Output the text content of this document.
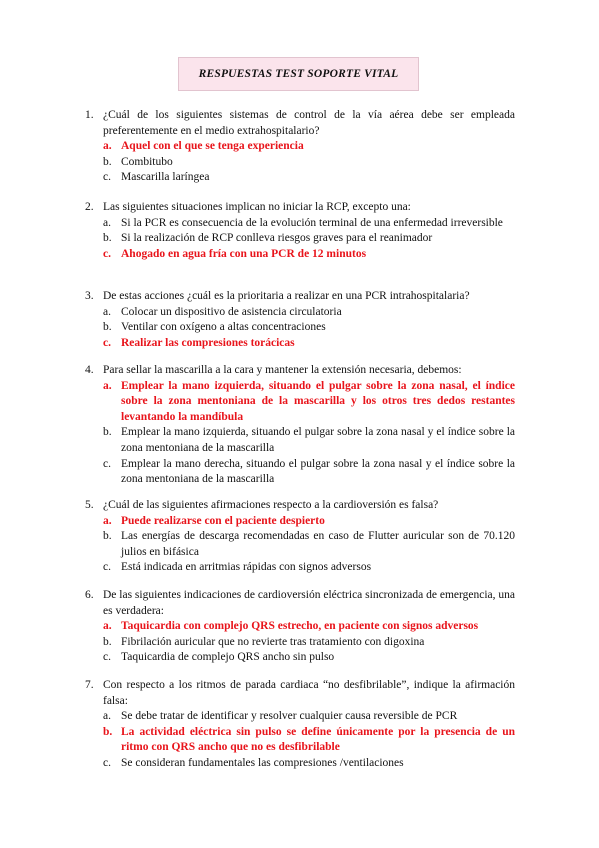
RESPUESTAS TEST SOPORTE VITAL
1. ¿Cuál de los siguientes sistemas de control de la vía aérea debe ser empleada preferentemente en el medio extrahospitalario?
a. Aquel con el que se tenga experiencia
b. Combitubo
c. Mascarilla laríngea
2. Las siguientes situaciones implican no iniciar la RCP, excepto una:
a. Si la PCR es consecuencia de la evolución terminal de una enfermedad irreversible
b. Si la realización de RCP conlleva riesgos graves para el reanimador
c. Ahogado en agua fría con una PCR de 12 minutos
3. De estas acciones ¿cuál es la prioritaria a realizar en una PCR intrahospitalaria?
a. Colocar un dispositivo de asistencia circulatoria
b. Ventilar con oxígeno a altas concentraciones
c. Realizar las compresiones torácicas
4. Para sellar la mascarilla a la cara y mantener la extensión necesaria, debemos:
a. Emplear la mano izquierda, situando el pulgar sobre la zona nasal, el índice sobre la zona mentoniana de la mascarilla y los otros tres dedos restantes levantando la mandíbula
b. Emplear la mano izquierda, situando el pulgar sobre la zona nasal y el índice sobre la zona mentoniana de la mascarilla
c. Emplear la mano derecha, situando el pulgar sobre la zona nasal y el índice sobre la zona mentoniana de la mascarilla
5. ¿Cuál de las siguientes afirmaciones respecto a la cardioversión es falsa?
a. Puede realizarse con el paciente despierto
b. Las energías de descarga recomendadas en caso de Flutter auricular son de 70.120 julios en bifásica
c. Está indicada en arritmias rápidas con signos adversos
6. De las siguientes indicaciones de cardioversión eléctrica sincronizada de emergencia, una es verdadera:
a. Taquicardia con complejo QRS estrecho, en paciente con signos adversos
b. Fibrilación auricular que no revierte tras tratamiento con digoxina
c. Taquicardia de complejo QRS ancho sin pulso
7. Con respecto a los ritmos de parada cardiaca “no desfibrilable”, indique la afirmación falsa:
a. Se debe tratar de identificar y resolver cualquier causa reversible de PCR
b. La actividad eléctrica sin pulso se define únicamente por la presencia de un ritmo con QRS ancho que no es desfibrilable
c. Se consideran fundamentales las compresiones /ventilaciones
